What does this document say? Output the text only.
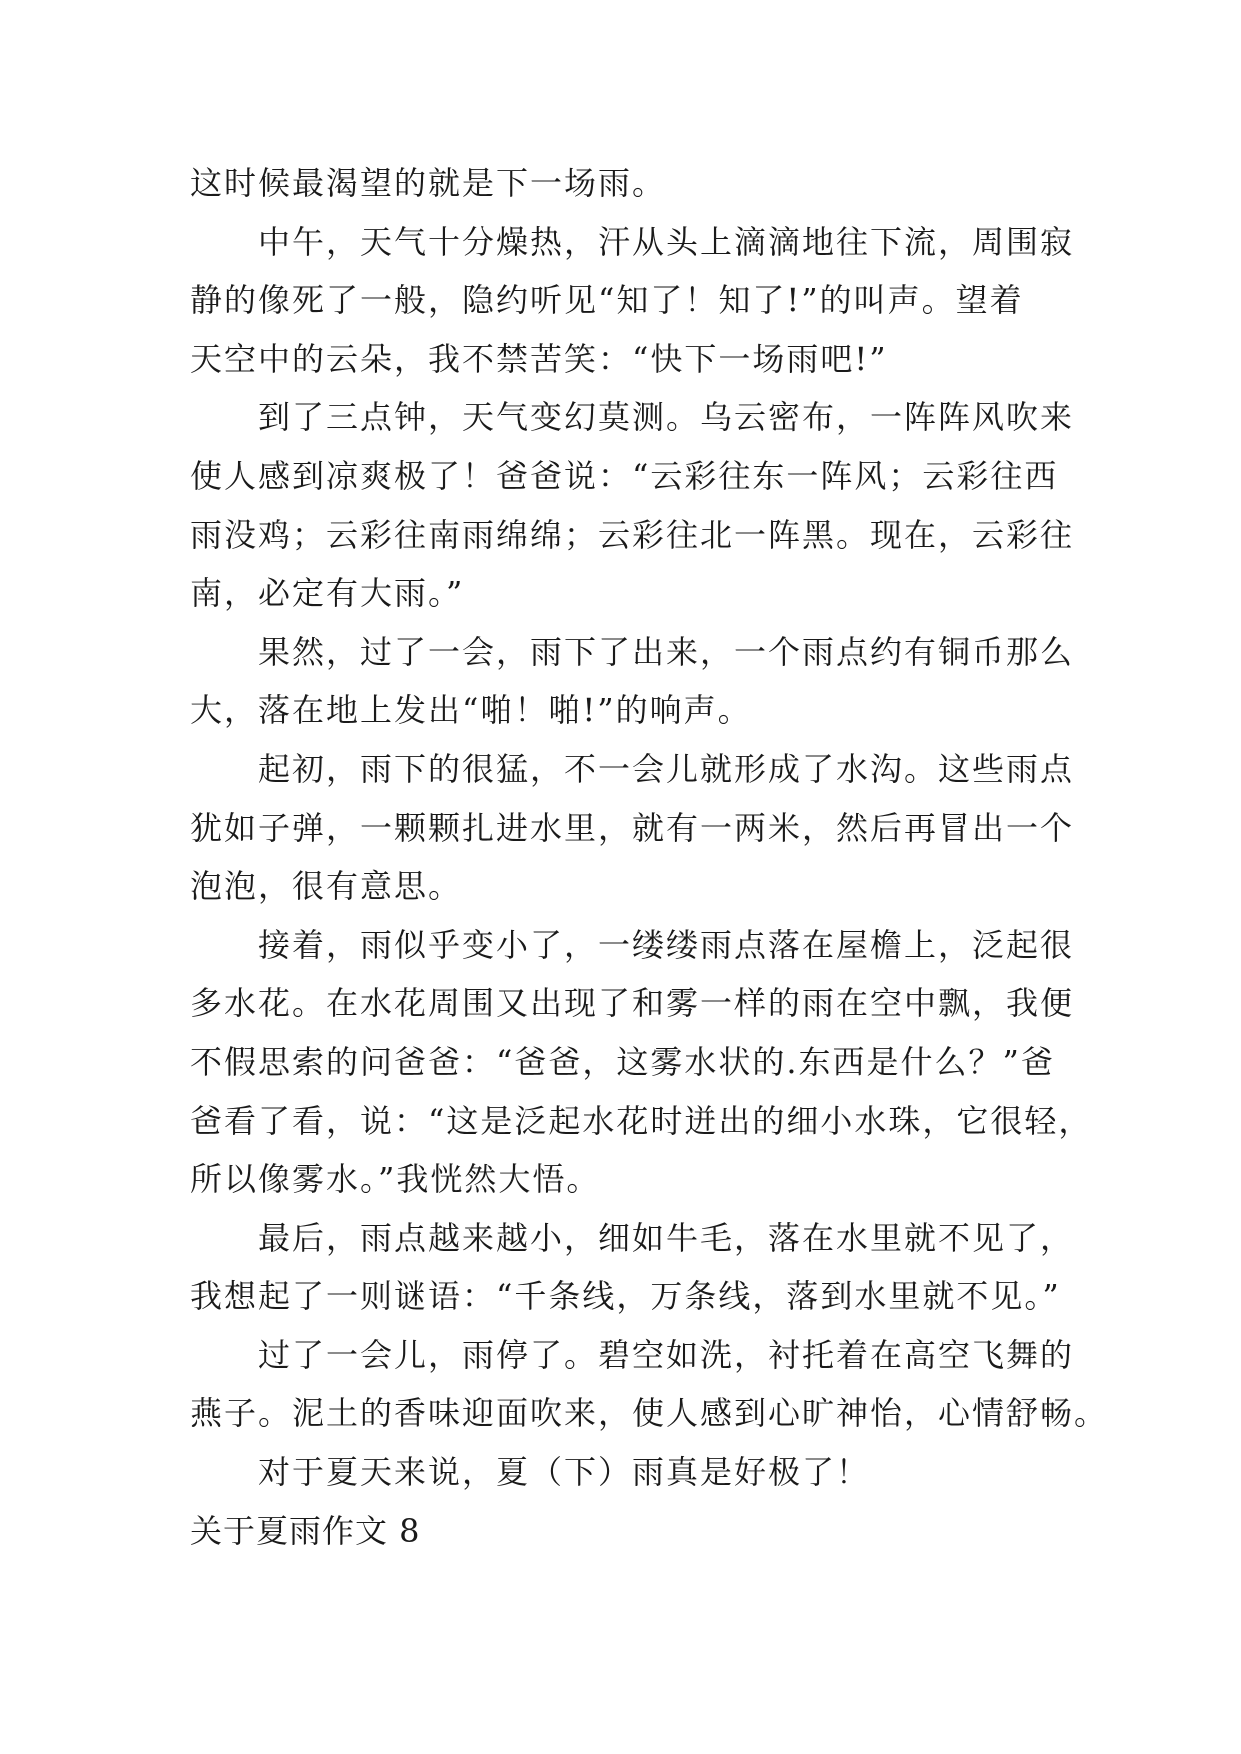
这时候最渴望的就是下一场雨。
中午，天气十分燥热，汗从头上滴滴地往下流，周围寂
静的像死了一般，隐约听见“知了！知了!”的叫声。望着
天空中的云朵，我不禁苦笑：“快下一场雨吧!”
到了三点钟，天气变幻莫测。乌云密布，一阵阵风吹来
使人感到凉爽极了！爸爸说：“云彩往东一阵风；云彩往西
雨没鸡；云彩往南雨绵绵；云彩往北一阵黑。现在，云彩往
南，必定有大雨。”
果然，过了一会，雨下了出来，一个雨点约有铜币那么
大，落在地上发出“啪！啪!”的响声。
起初，雨下的很猛，不一会儿就形成了水沟。这些雨点
犹如子弹，一颗颗扎进水里，就有一两米，然后再冒出一个
泡泡，很有意思。
接着，雨似乎变小了，一缕缕雨点落在屋檐上，泛起很
多水花。在水花周围又出现了和雾一样的雨在空中飘，我便
不假思索的问爸爸：“爸爸，这雾水状的.东西是什么？”爸
爸看了看，说：“这是泛起水花时迸出的细小水珠，它很轻，
所以像雾水。”我恍然大悟。
最后，雨点越来越小，细如牛毛，落在水里就不见了，
我想起了一则谜语：“千条线，万条线，落到水里就不见。”
过了一会儿，雨停了。碧空如洗，衬托着在高空飞舞的
燕子。泥土的香味迎面吹来，使人感到心旷神怡，心情舒畅。
对于夏天来说，夏（下）雨真是好极了！
关于夏雨作文 8
